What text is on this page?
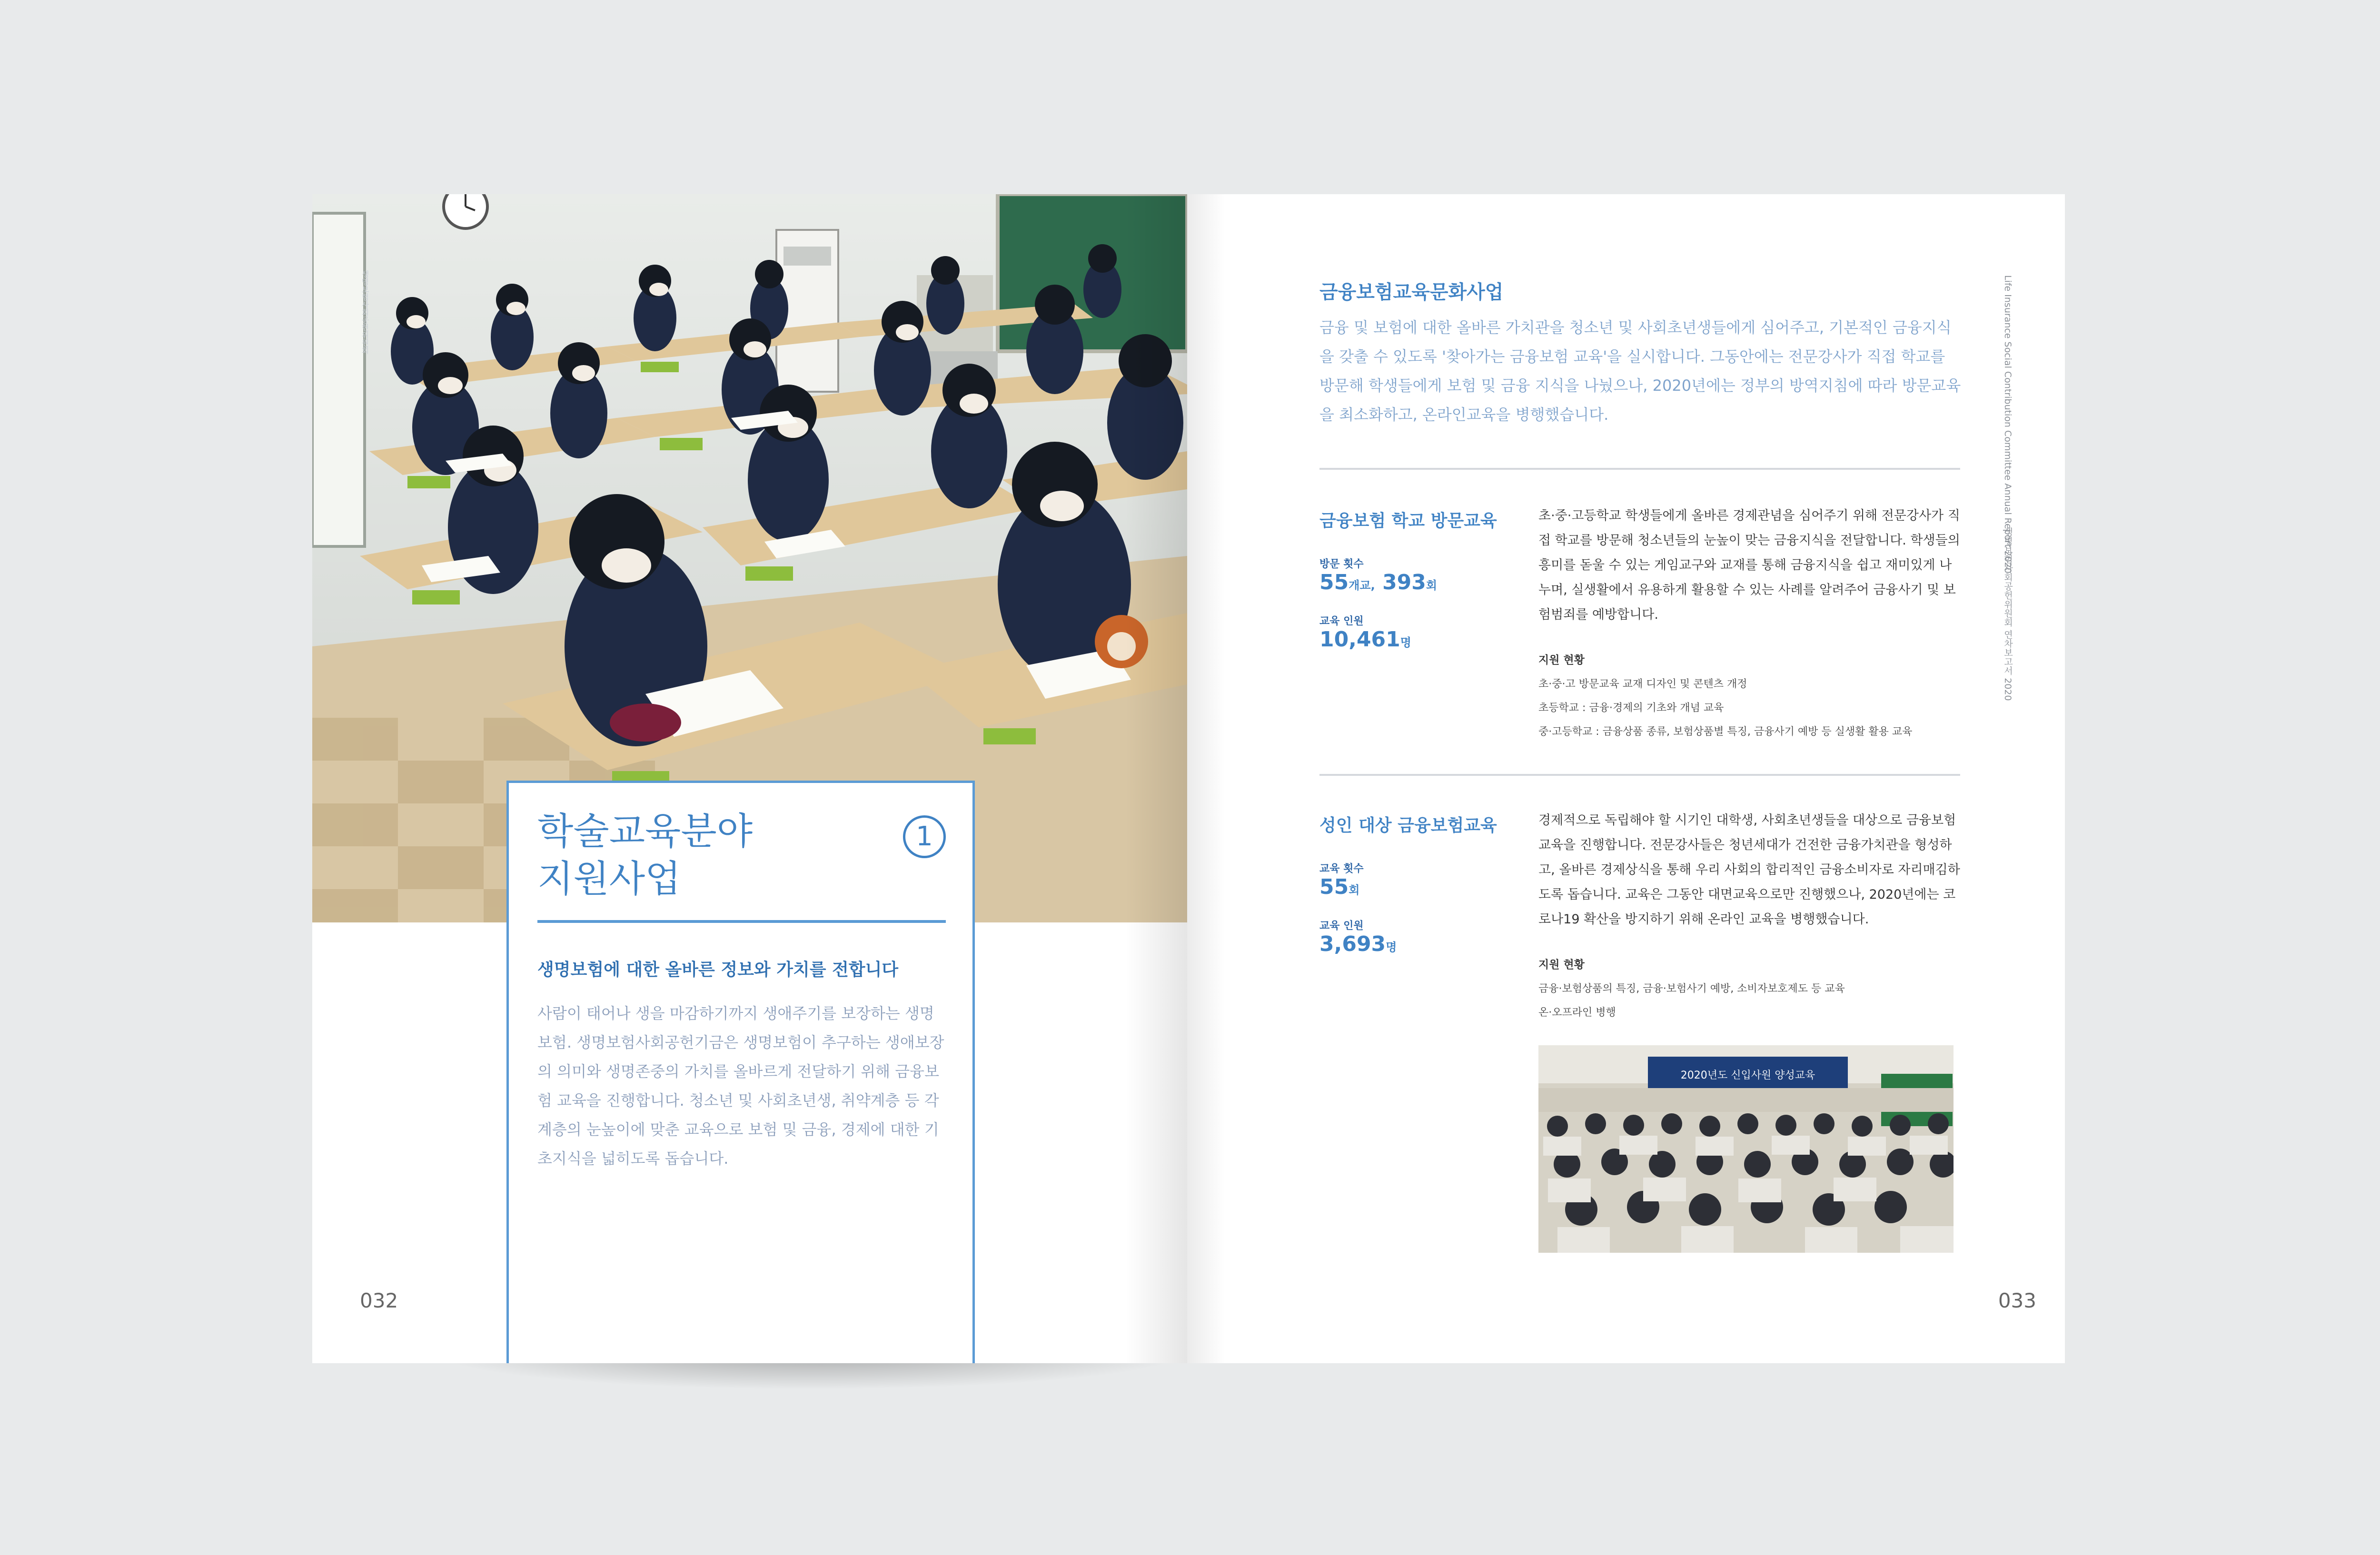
생명보험사회공헌위원회
학술교육분야
지원사업
1
생명보험에 대한 올바른 정보와 가치를 전합니다
사람이 태어나 생을 마감하기까지 생애주기를 보장하는 생명보험. 생명보험사회공헌기금은 생명보험이 추구하는 생애보장의 의미와 생명존중의 가치를 올바르게 전달하기 위해 금융보험 교육을 진행합니다. 청소년 및 사회초년생, 취약계층 등 각 계층의 눈높이에 맞춘 교육으로 보험 및 금융, 경제에 대한 기초지식을 넓히도록 돕습니다.
032
Life Insurance Social Contribution Committee Annual Report 2020
생명보험사회공헌위원회 연차보고서 2020
금융보험교육문화사업
금융 및 보험에 대한 올바른 가치관을 청소년 및 사회초년생들에게 심어주고, 기본적인 금융지식을 갖출 수 있도록 '찾아가는 금융보험 교육'을 실시합니다. 그동안에는 전문강사가 직접 학교를 방문해 학생들에게 보험 및 금융 지식을 나눴으나, 2020년에는 정부의 방역지침에 따라 방문교육을 최소화하고, 온라인교육을 병행했습니다.
금융보험 학교 방문교육
방문 횟수
55개교, 393회
교육 인원
10,461명
초·중·고등학교 학생들에게 올바른 경제관념을 심어주기 위해 전문강사가 직접 학교를 방문해 청소년들의 눈높이 맞는 금융지식을 전달합니다. 학생들의 흥미를 돋울 수 있는 게임교구와 교재를 통해 금융지식을 쉽고 재미있게 나누며, 실생활에서 유용하게 활용할 수 있는 사례를 알려주어 금융사기 및 보험범죄를 예방합니다.
지원 현황
초·중·고 방문교육 교재 디자인 및 콘텐츠 개정
초등학교 : 금융·경제의 기초와 개념 교육
중·고등학교 : 금융상품 종류, 보험상품별 특징, 금융사기 예방 등 실생활 활용 교육
성인 대상 금융보험교육
교육 횟수
55회
교육 인원
3,693명
경제적으로 독립해야 할 시기인 대학생, 사회초년생들을 대상으로 금융보험교육을 진행합니다. 전문강사들은 청년세대가 건전한 금융가치관을 형성하고, 올바른 경제상식을 통해 우리 사회의 합리적인 금융소비자로 자리매김하도록 돕습니다. 교육은 그동안 대면교육으로만 진행했으나, 2020년에는 코로나19 확산을 방지하기 위해 온라인 교육을 병행했습니다.
지원 현황
금융·보험상품의 특징, 금융·보험사기 예방, 소비자보호제도 등 교육
온·오프라인 병행
2020년도 신입사원 양성교육
033
